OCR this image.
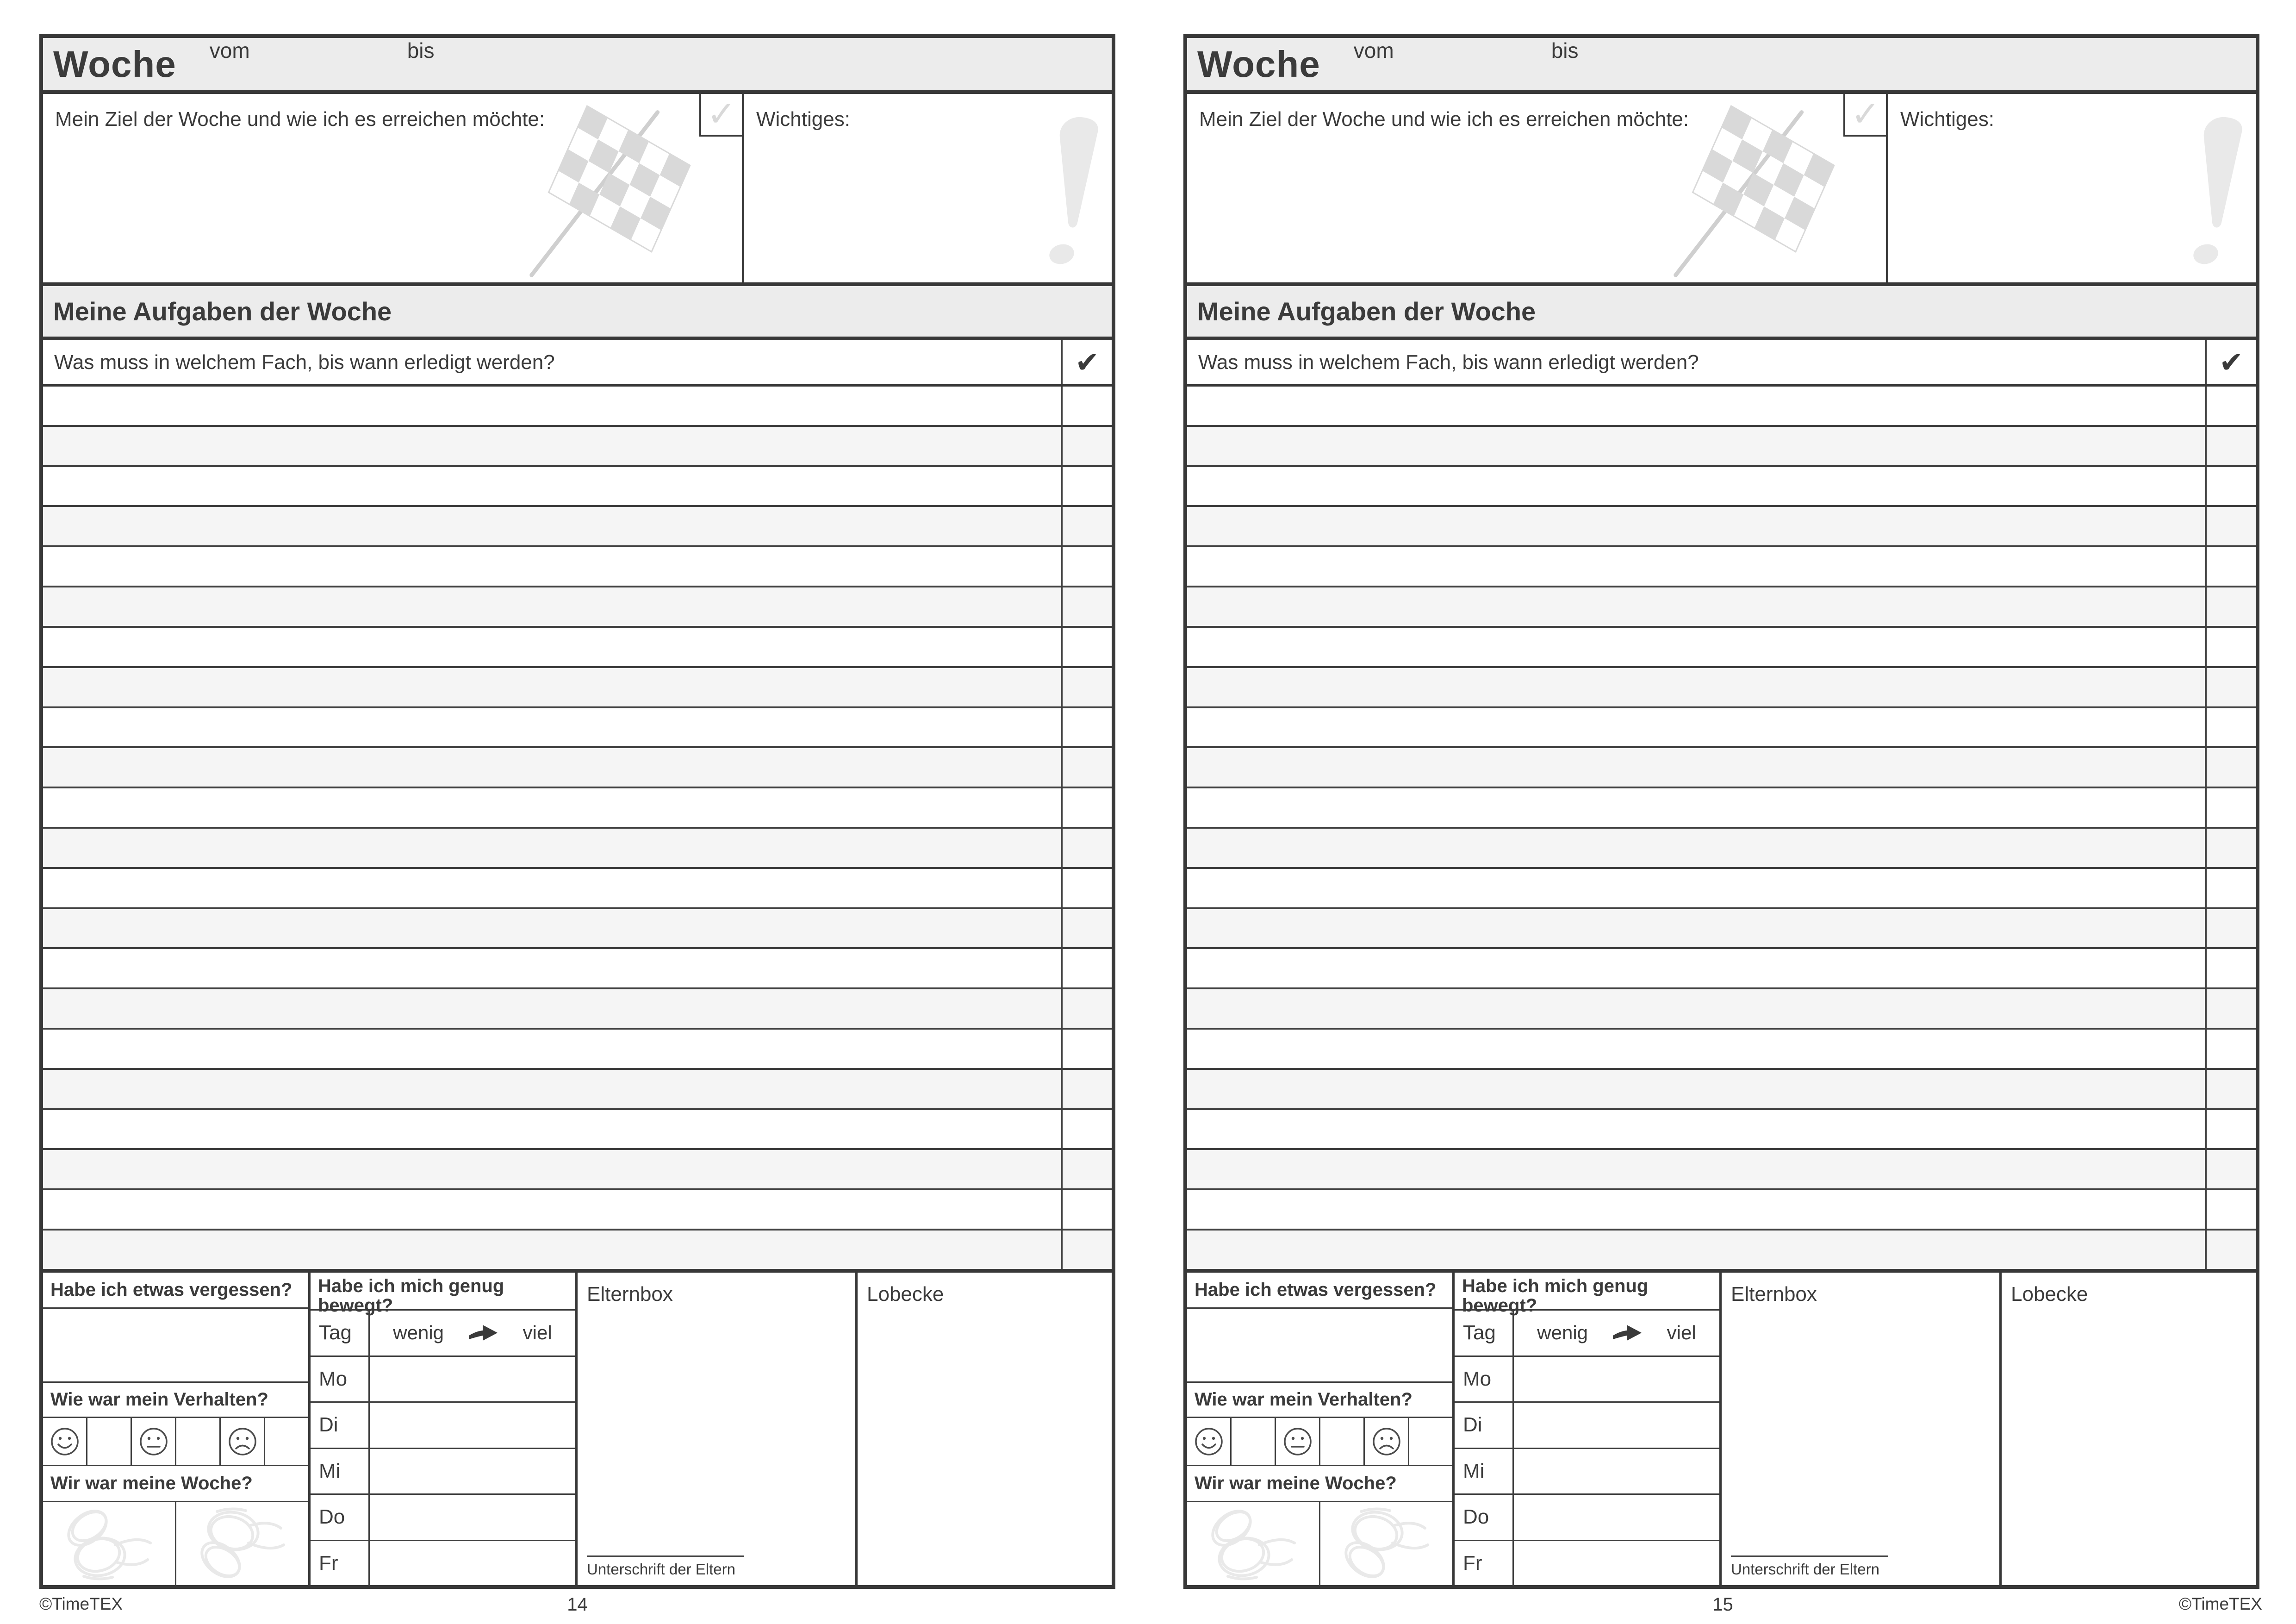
Woche vom	bis
Mein Ziel der Woche und wie ich es erreichen möchte:	✓ Wichtiges:
Meine Aufgaben der Woche
Was muss in welchem Fach, bis wann erledigt werden?	✔
Habe ich etwas vergessen?
Wie war mein Verhalten?
Wir war meine Woche?
Habe ich mich genug bewegt?
Tag	wenig	viel
Mo
Di
Mi
Do
Fr
Elternbox
Unterschrift der Eltern
Lobecke
Woche vom	bis
Mein Ziel der Woche und wie ich es erreichen möchte:	✓ Wichtiges:
Meine Aufgaben der Woche
Was muss in welchem Fach, bis wann erledigt werden?	✔
Habe ich etwas vergessen?
Wie war mein Verhalten?
Wir war meine Woche?
Habe ich mich genug bewegt?
Tag	wenig	viel
Mo
Di
Mi
Do
Fr
Elternbox
Unterschrift der Eltern
Lobecke
©TimeTEX	14	15	©TimeTEX
